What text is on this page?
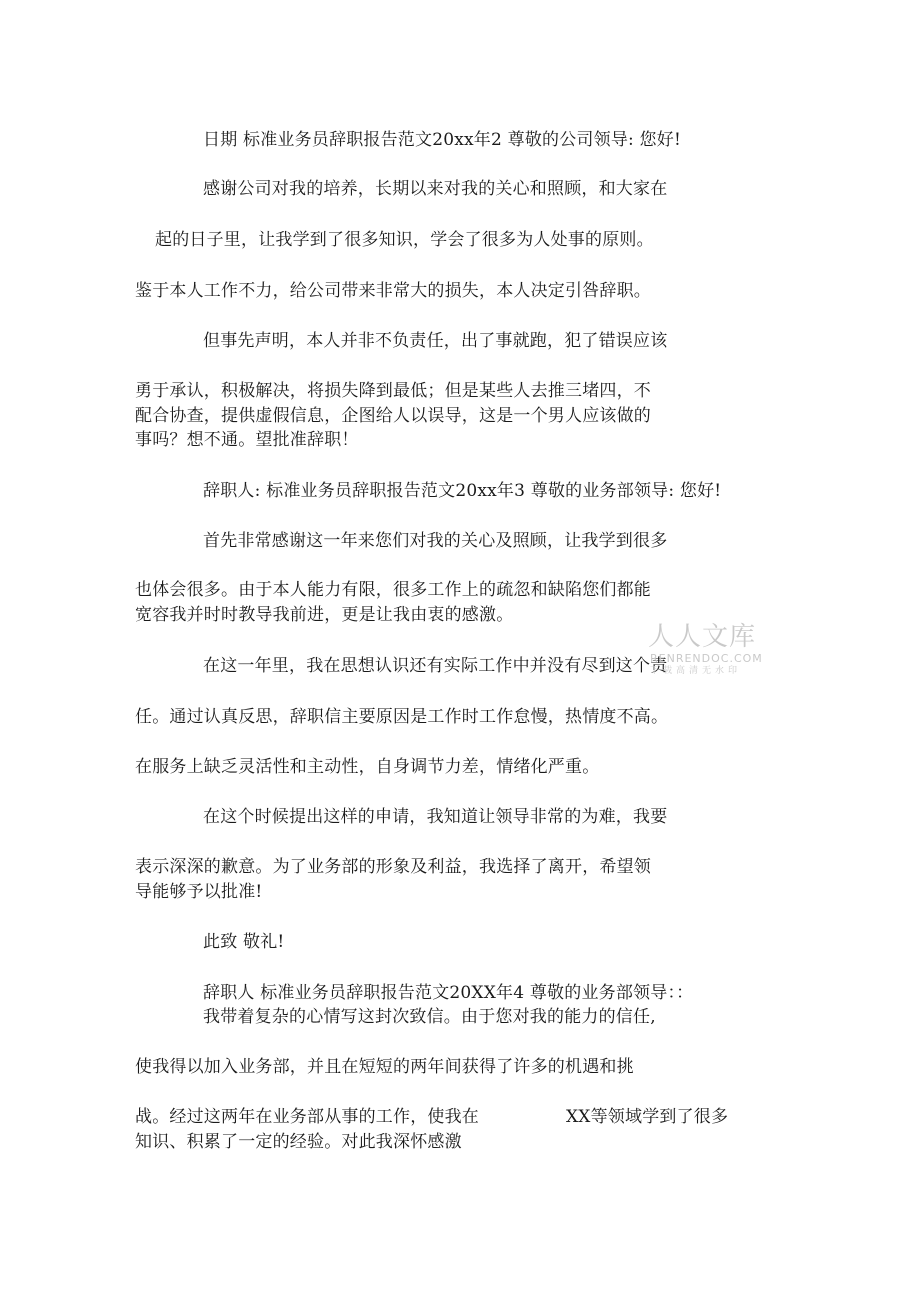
日期 标准业务员辞职报告范文20xx年2 尊敬的公司领导: 您好!
感谢公司对我的培养，长期以来对我的关心和照顾，和大家在
起的日子里，让我学到了很多知识，学会了很多为人处事的原则。
鉴于本人工作不力，给公司带来非常大的损失，本人决定引咎辞职。
但事先声明，本人并非不负责任，出了事就跑，犯了错误应该
勇于承认，积极解决，将损失降到最低；但是某些人去推三堵四，不
配合协查，提供虚假信息，企图给人以误导，这是一个男人应该做的
事吗？想不通。望批准辞职！
辞职人: 标准业务员辞职报告范文20xx年3 尊敬的业务部领导: 您好!
首先非常感谢这一年来您们对我的关心及照顾，让我学到很多
也体会很多。由于本人能力有限，很多工作上的疏忽和缺陷您们都能
宽容我并时时教导我前进，更是让我由衷的感激。
在这一年里，我在思想认识还有实际工作中并没有尽到这个责
任。通过认真反思，辞职信主要原因是工作时工作怠慢，热情度不高。
在服务上缺乏灵活性和主动性，自身调节力差，情绪化严重。
在这个时候提出这样的申请，我知道让领导非常的为难，我要
表示深深的歉意。为了业务部的形象及利益，我选择了离开，希望领
导能够予以批准!
此致 敬礼!
辞职人 标准业务员辞职报告范文20XX年4 尊敬的业务部领导：：
我带着复杂的心情写这封次致信。由于您对我的能力的信任,
使我得以加入业务部，并且在短短的两年间获得了许多的机遇和挑
战。经过这两年在业务部从事的工作，使我在	XX等领域学到了很多
知识、积累了一定的经验。对此我深怀感激
人人文库
RENRENDOC.COM
下载高清无水印
